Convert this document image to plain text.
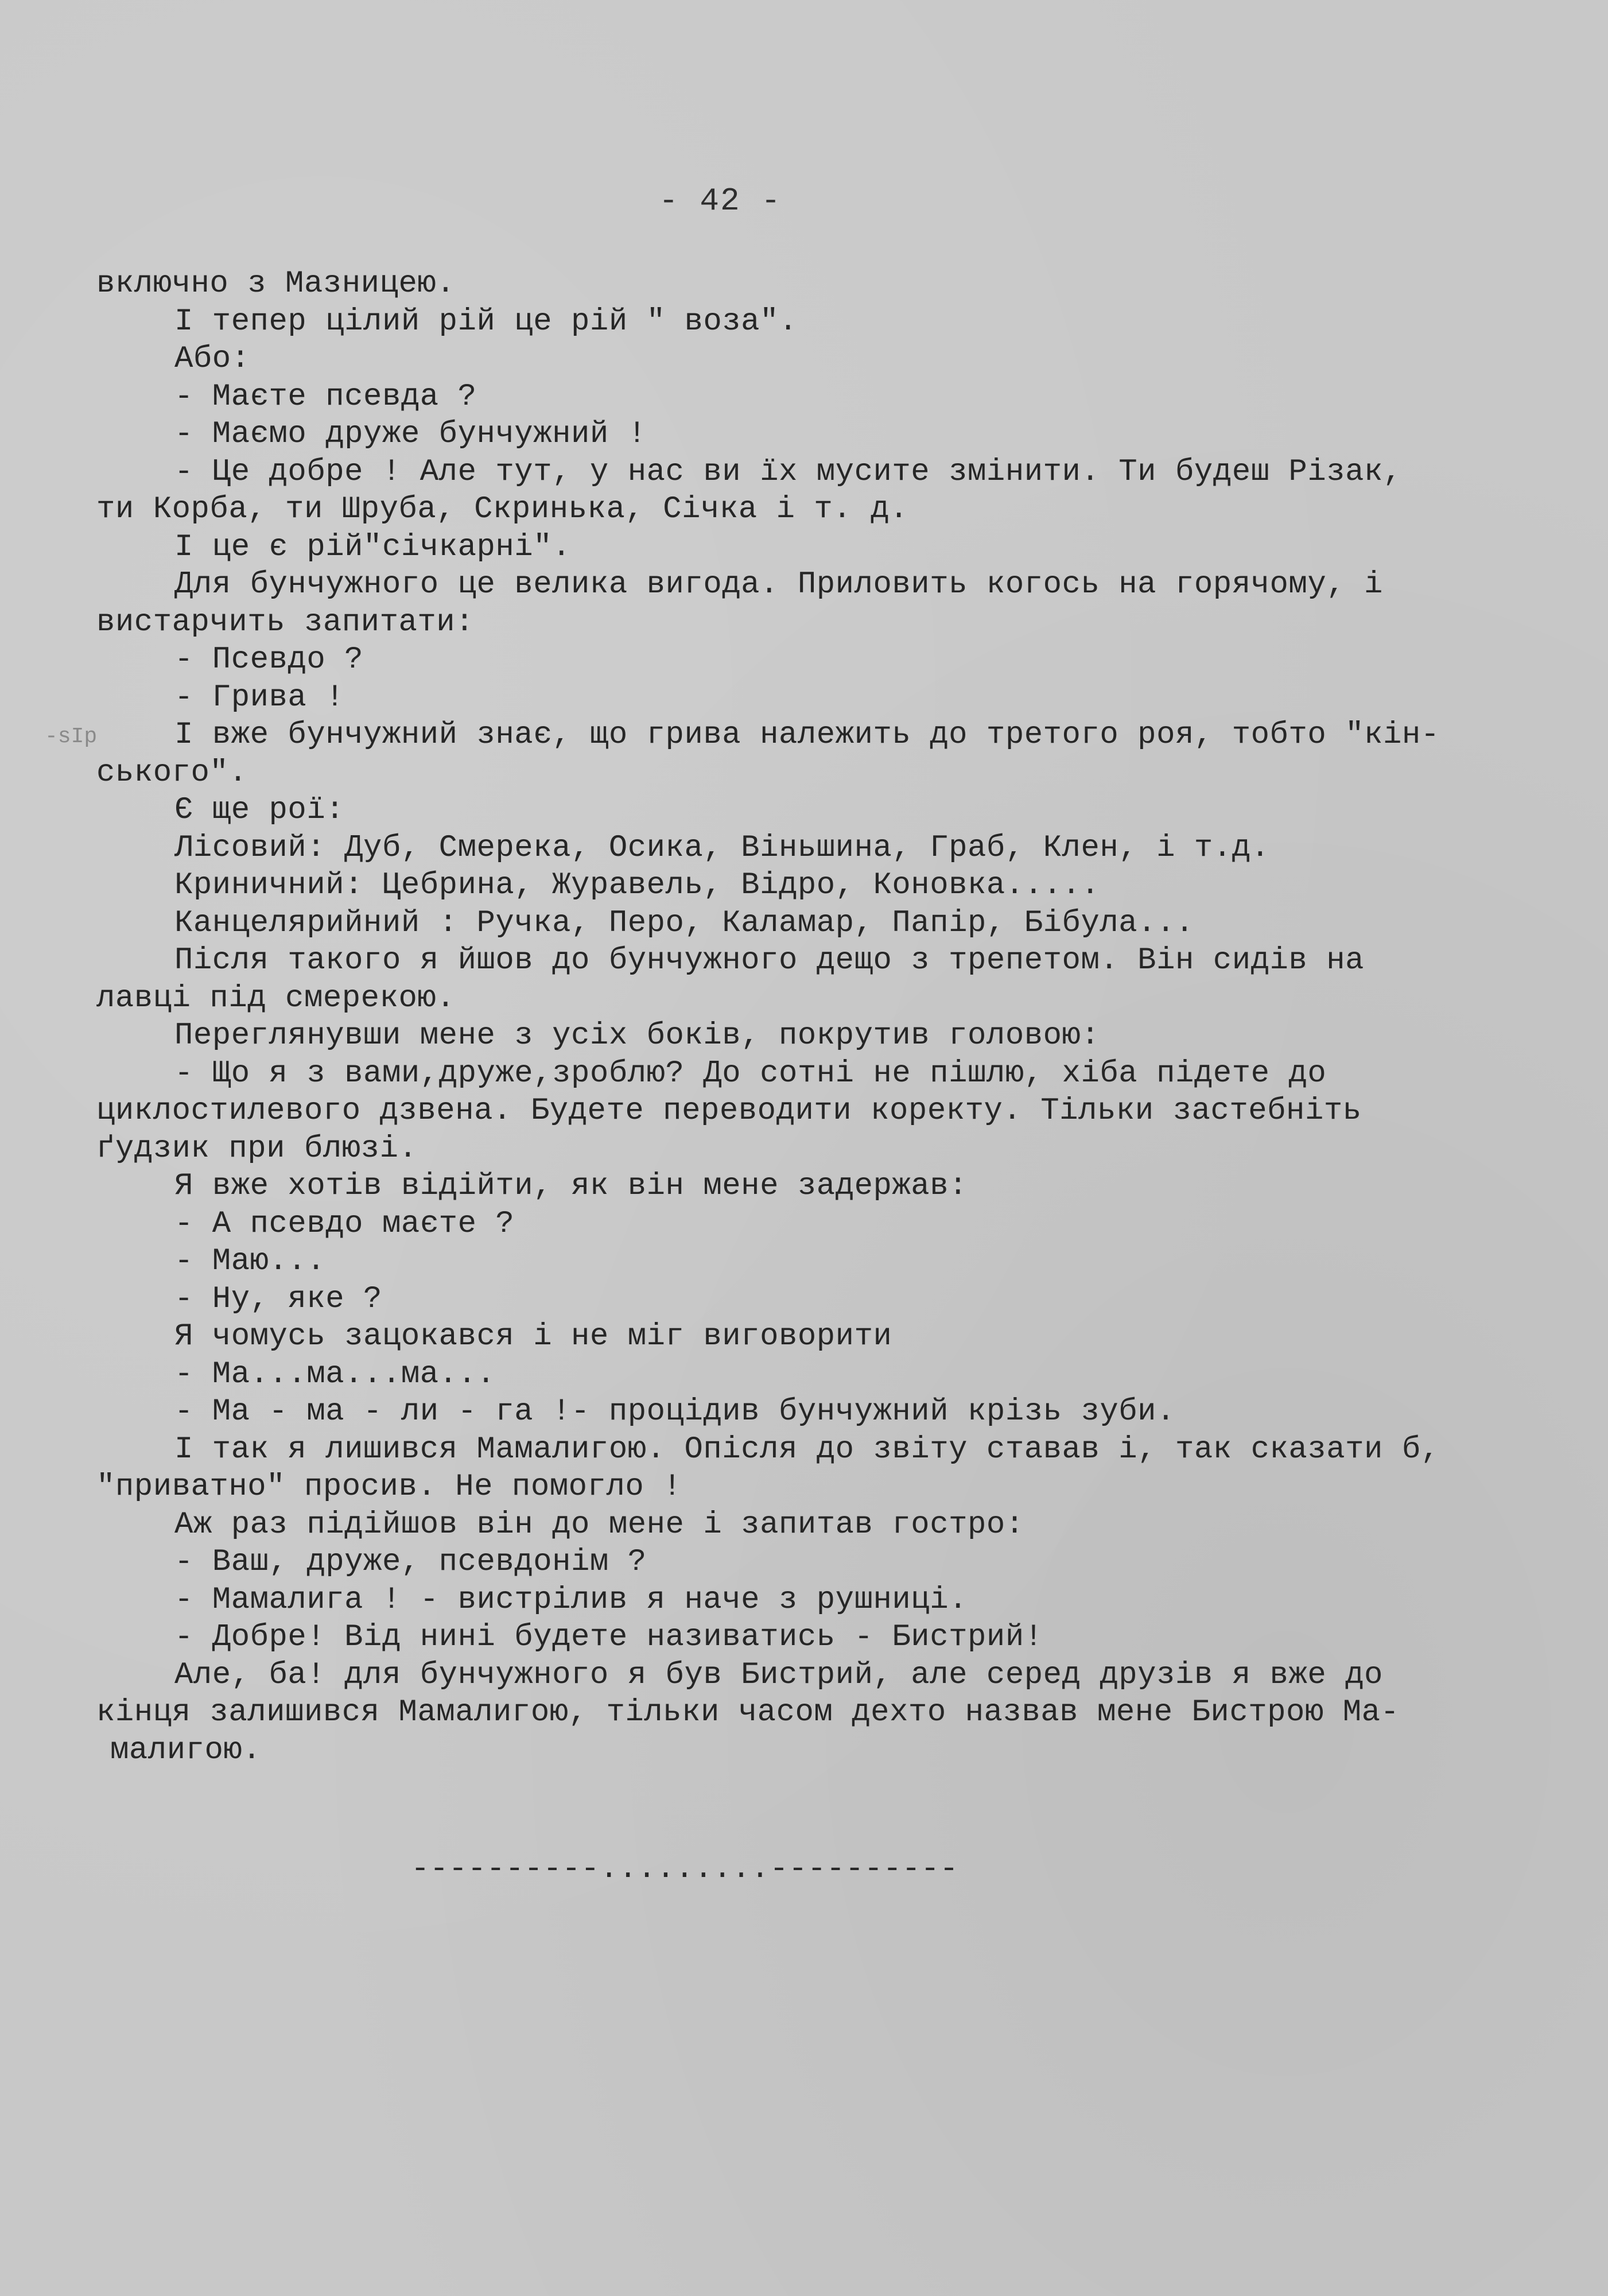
- 42 -
-ѕІр
включно з Мазницею.
І тепер цілий рій це рій " воза".
Або:
- Маєте псевда ?
- Маємо друже бунчужний !
- Це добре ! Але тут, у нас ви їх мусите змінити. Ти будеш Різак,
ти Корба, ти Шруба, Скринька, Січка і т. д.
І це є рій"січкарні".
Для бунчужного це велика вигода. Приловить когось на горячому, і
вистарчить запитати:
- Псевдо ?
- Грива !
І вже бунчужний знає, що грива належить до третого роя, тобто "кін-
ського".
Є ще рої:
Лісовий: Дуб, Смерека, Осика, Віньшина, Граб, Клен, і т.д.
Криничний: Цебрина, Журавель, Відро, Коновка.....
Канцелярийний : Ручка, Перо, Каламар, Папір, Бібула...
Після такого я йшов до бунчужного дещо з трепетом. Він сидів на
лавці під смерекою.
Переглянувши мене з усіх боків, покрутив головою:
- Що я з вами,друже,зроблю? До сотні не пішлю, хіба підете до
циклостилевого дзвена. Будете переводити коректу. Тільки застебніть
ґудзик при блюзі.
Я вже хотів відійти, як він мене задержав:
- А псевдо маєте ?
- Маю...
- Ну, яке ?
Я чомусь зацокався і не міг виговорити
- Ма...ма...ма...
- Ма - ма - ли - га !- процідив бунчужний крізь зуби.
І так я лишився Мамалигою. Опісля до звіту ставав і, так сказати б,
"приватно" просив. Не помогло !
Аж раз підійшов він до мене і запитав гостро:
- Ваш, друже, псевдонім ?
- Мамалига ! - вистрілив я наче з рушниці.
- Добре! Від нині будете називатись - Бистрий!
Але, ба! для бунчужного я був Бистрий, але серед друзів я вже до
кінця залишився Мамалигою, тільки часом дехто назвав мене Бистрою Ма-
малигою.
----------.........----------
